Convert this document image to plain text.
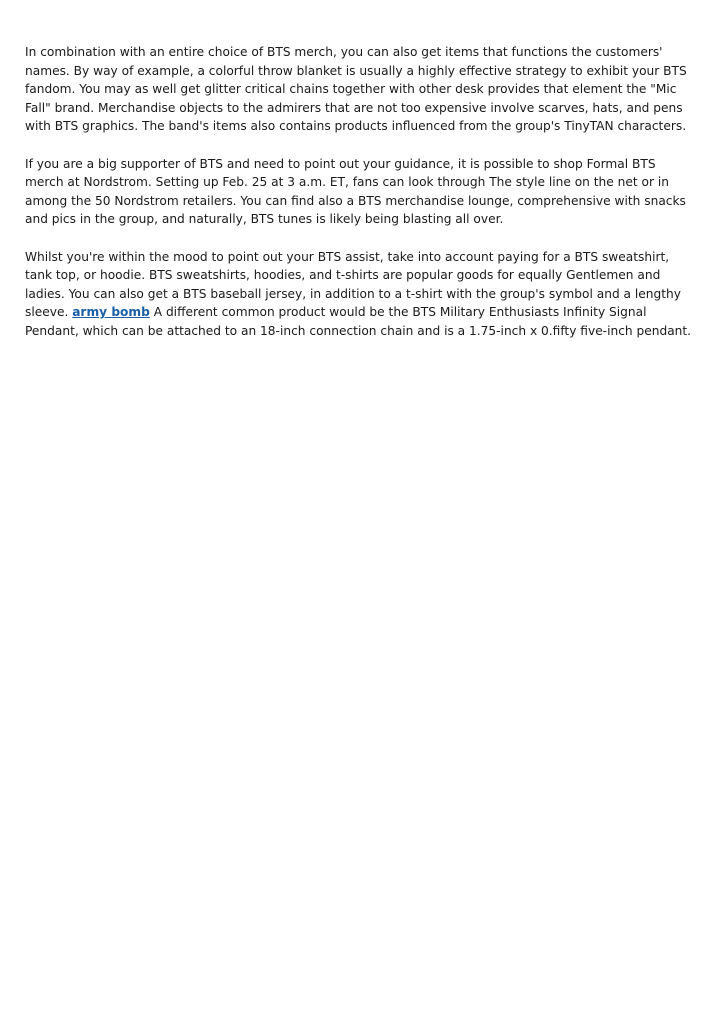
In combination with an entire choice of BTS merch, you can also get items that functions the customers' names. By way of example, a colorful throw blanket is usually a highly effective strategy to exhibit your BTS fandom. You may as well get glitter critical chains together with other desk provides that element the "Mic Fall" brand. Merchandise objects to the admirers that are not too expensive involve scarves, hats, and pens with BTS graphics. The band's items also contains products influenced from the group's TinyTAN characters.

If you are a big supporter of BTS and need to point out your guidance, it is possible to shop Formal BTS merch at Nordstrom. Setting up Feb. 25 at 3 a.m. ET, fans can look through The style line on the net or in among the 50 Nordstrom retailers. You can find also a BTS merchandise lounge, comprehensive with snacks and pics in the group, and naturally, BTS tunes is likely being blasting all over.

Whilst you're within the mood to point out your BTS assist, take into account paying for a BTS sweatshirt, tank top, or hoodie. BTS sweatshirts, hoodies, and t-shirts are popular goods for equally Gentlemen and ladies. You can also get a BTS baseball jersey, in addition to a t-shirt with the group's symbol and a lengthy sleeve. army bomb A different common product would be the BTS Military Enthusiasts Infinity Signal Pendant, which can be attached to an 18-inch connection chain and is a 1.75-inch x 0.fifty five-inch pendant.
